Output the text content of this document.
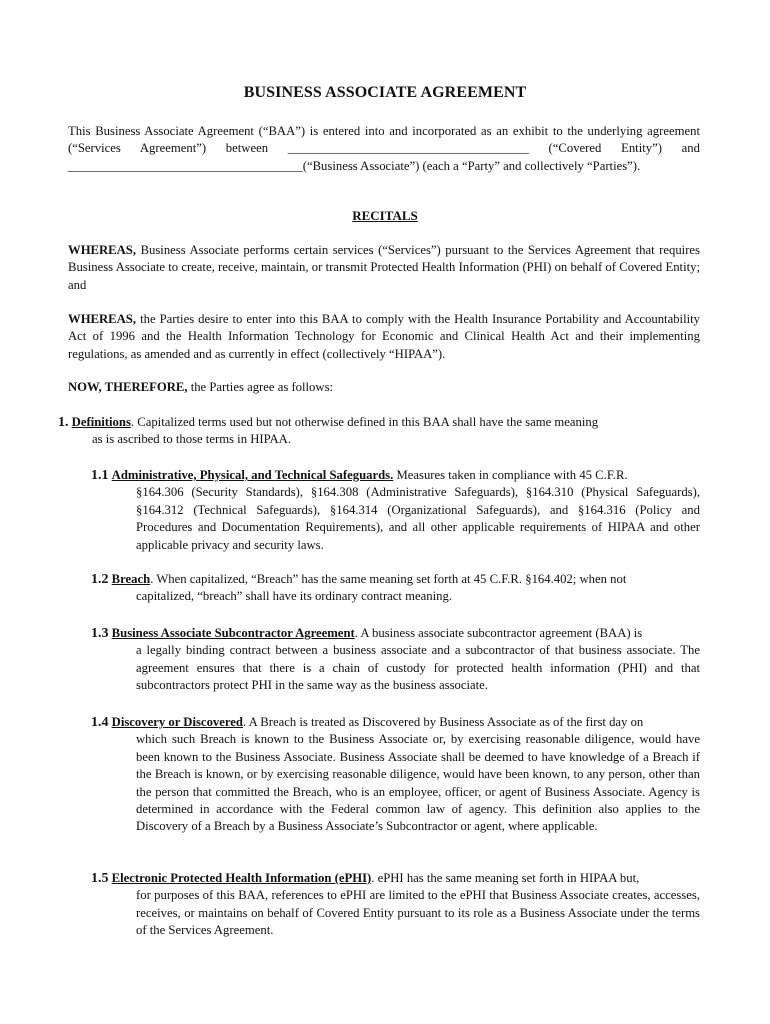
BUSINESS ASSOCIATE AGREEMENT
This Business Associate Agreement (“BAA”) is entered into and incorporated as an exhibit to the underlying agreement (“Services Agreement”) between ______________________________________ (“Covered Entity”) and _____________________________________(“Business Associate”) (each a “Party” and collectively “Parties”).
RECITALS
WHEREAS, Business Associate performs certain services (“Services”) pursuant to the Services Agreement that requires Business Associate to create, receive, maintain, or transmit Protected Health Information (PHI) on behalf of Covered Entity; and
WHEREAS, the Parties desire to enter into this BAA to comply with the Health Insurance Portability and Accountability Act of 1996 and the Health Information Technology for Economic and Clinical Health Act and their implementing regulations, as amended and as currently in effect (collectively “HIPAA”).
NOW, THEREFORE, the Parties agree as follows:
1. Definitions. Capitalized terms used but not otherwise defined in this BAA shall have the same meaning
as is ascribed to those terms in HIPAA.
1.1 Administrative, Physical, and Technical Safeguards. Measures taken in compliance with 45 C.F.R.
§164.306 (Security Standards), §164.308 (Administrative Safeguards), §164.310 (Physical Safeguards), §164.312 (Technical Safeguards), §164.314 (Organizational Safeguards), and §164.316 (Policy and Procedures and Documentation Requirements), and all other applicable requirements of HIPAA and other applicable privacy and security laws.
1.2 Breach. When capitalized, “Breach” has the same meaning set forth at 45 C.F.R. §164.402; when not
capitalized, “breach” shall have its ordinary contract meaning.
1.3 Business Associate Subcontractor Agreement. A business associate subcontractor agreement (BAA) is
a legally binding contract between a business associate and a subcontractor of that business associate. The agreement ensures that there is a chain of custody for protected health information (PHI) and that subcontractors protect PHI in the same way as the business associate.
1.4 Discovery or Discovered. A Breach is treated as Discovered by Business Associate as of the first day on
which such Breach is known to the Business Associate or, by exercising reasonable diligence, would have been known to the Business Associate. Business Associate shall be deemed to have knowledge of a Breach if the Breach is known, or by exercising reasonable diligence, would have been known, to any person, other than the person that committed the Breach, who is an employee, officer, or agent of Business Associate. Agency is determined in accordance with the Federal common law of agency. This definition also applies to the Discovery of a Breach by a Business Associate’s Subcontractor or agent, where applicable.
1.5 Electronic Protected Health Information (ePHI). ePHI has the same meaning set forth in HIPAA but,
for purposes of this BAA, references to ePHI are limited to the ePHI that Business Associate creates, accesses, receives, or maintains on behalf of Covered Entity pursuant to its role as a Business Associate under the terms of the Services Agreement.
